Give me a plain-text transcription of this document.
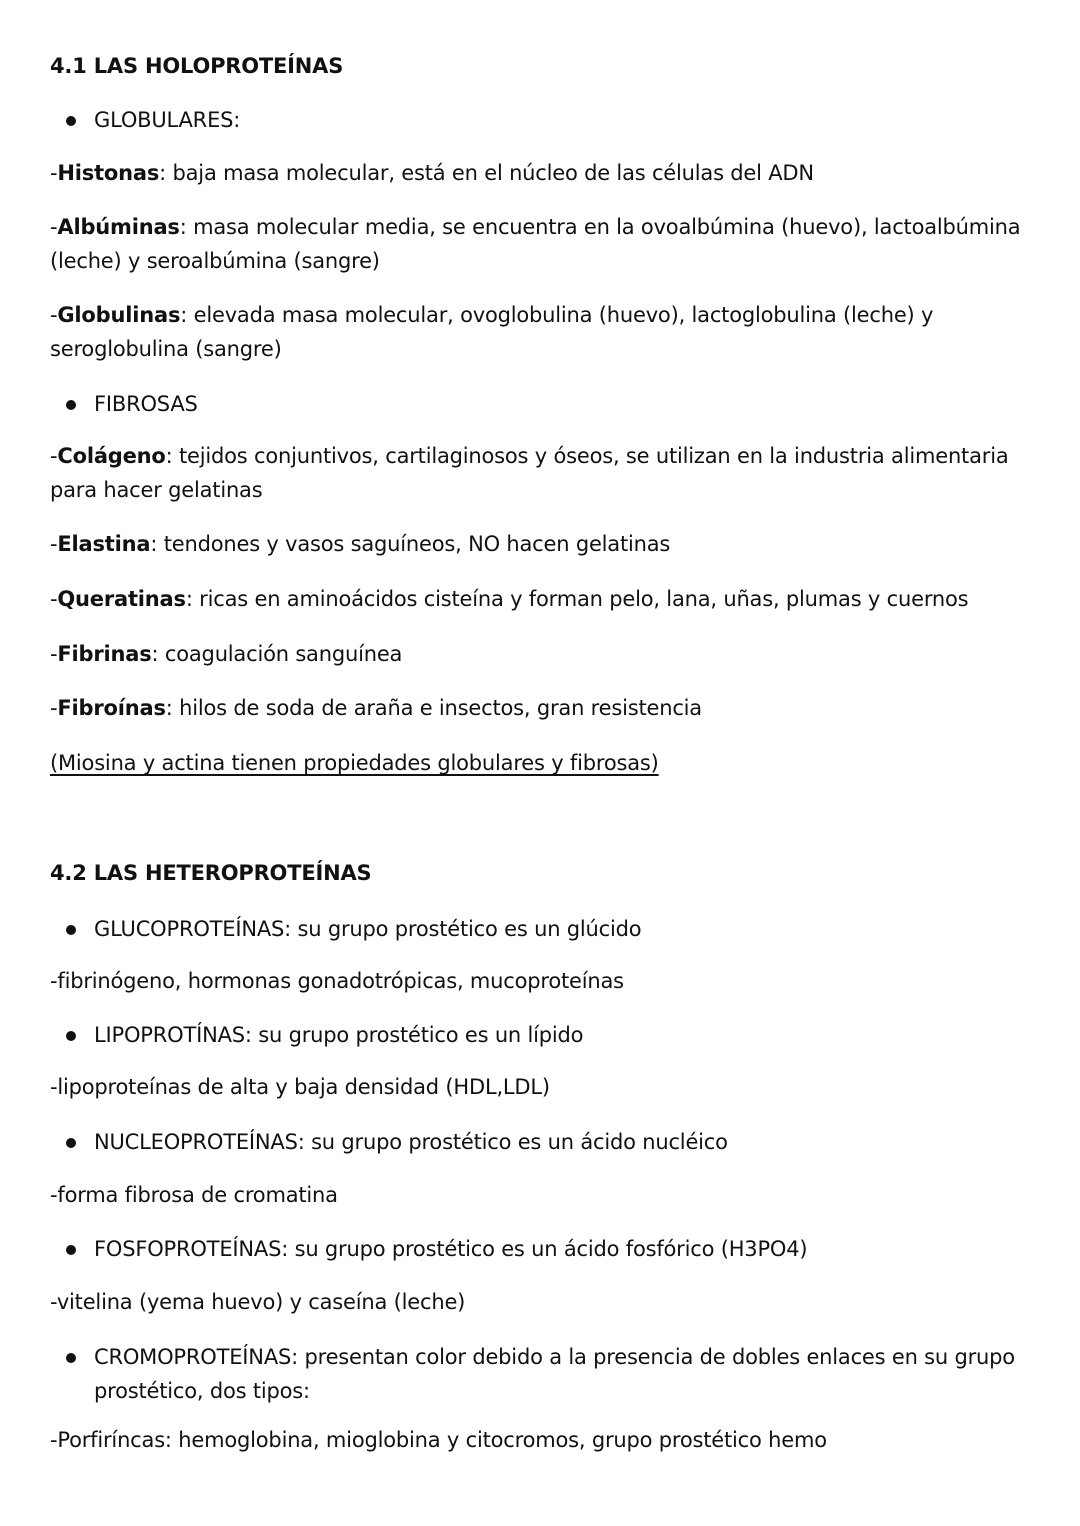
4.1 LAS HOLOPROTEÍNAS

GLOBULARES:

-Histonas: baja masa molecular, está en el núcleo de las células del ADN

-Albúminas: masa molecular media, se encuentra en la ovoalbúmina (huevo), lactoalbúmina (leche) y seroalbúmina (sangre)

-Globulinas: elevada masa molecular, ovoglobulina (huevo), lactoglobulina (leche) y seroglobulina (sangre)

FIBROSAS

-Colágeno: tejidos conjuntivos, cartilaginosos y óseos, se utilizan en la industria alimentaria para hacer gelatinas

-Elastina: tendones y vasos saguíneos, NO hacen gelatinas

-Queratinas: ricas en aminoácidos cisteína y forman pelo, lana, uñas, plumas y cuernos

-Fibrinas: coagulación sanguínea

-Fibroínas: hilos de soda de araña e insectos, gran resistencia

(Miosina y actina tienen propiedades globulares y fibrosas)

4.2 LAS HETEROPROTEÍNAS

GLUCOPROTEÍNAS: su grupo prostético es un glúcido

-fibrinógeno, hormonas gonadotrópicas, mucoproteínas

LIPOPROTÍNAS: su grupo prostético es un lípido

-lipoproteínas de alta y baja densidad (HDL,LDL)

NUCLEOPROTEÍNAS: su grupo prostético es un ácido nucléico

-forma fibrosa de cromatina

FOSFOPROTEÍNAS: su grupo prostético es un ácido fosfórico (H3PO4)

-vitelina (yema huevo) y caseína (leche)

CROMOPROTEÍNAS: presentan color debido a la presencia de dobles enlaces en su grupo prostético, dos tipos:

-Porfiríncas: hemoglobina, mioglobina y citocromos, grupo prostético hemo
